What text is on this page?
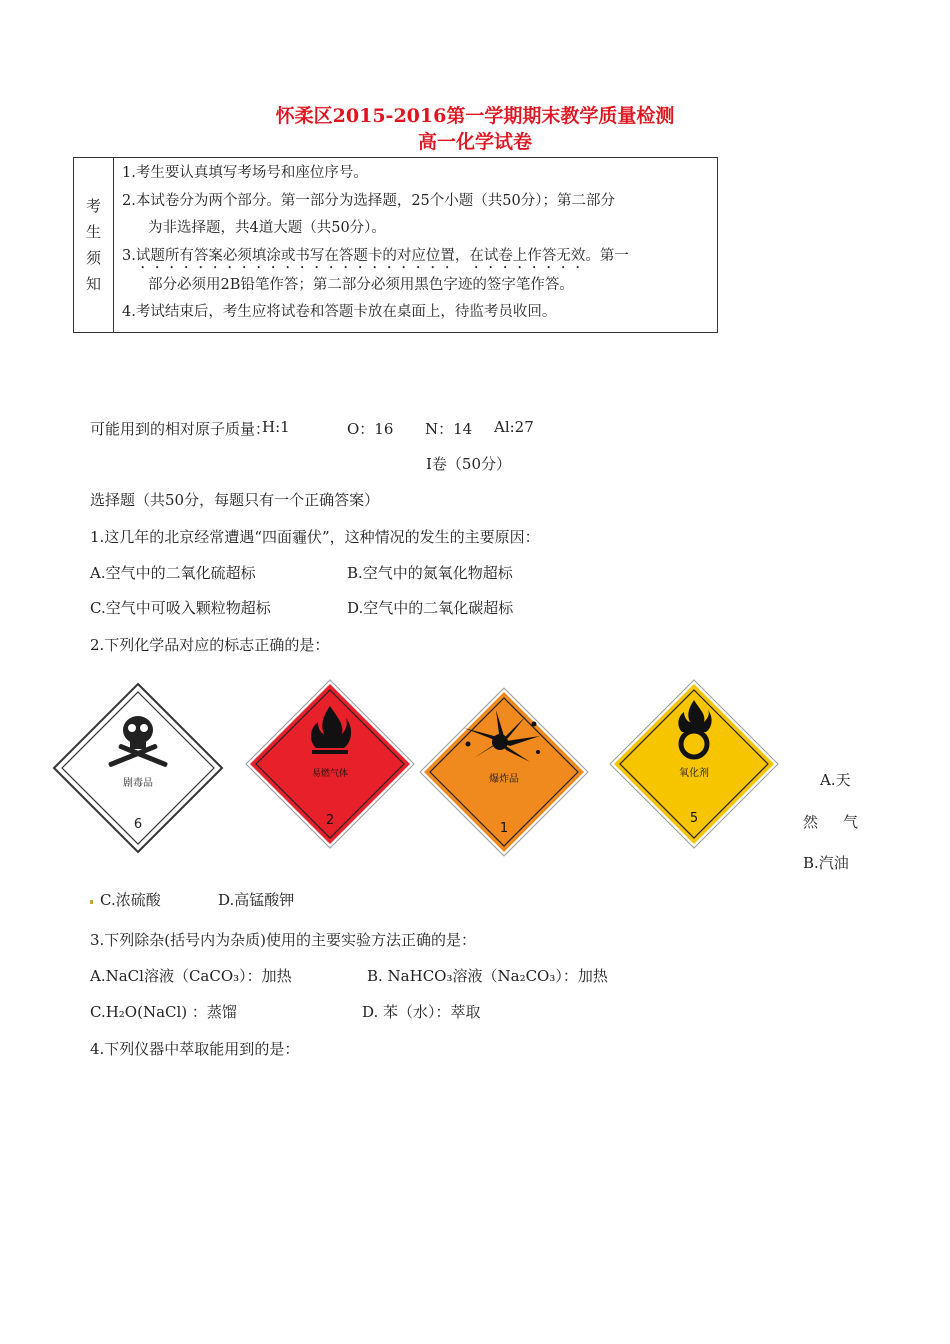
怀柔区2015-2016第一学期期末教学质量检测
高一化学试卷
考
生
须
知
1.考生要认真填写考场号和座位序号。
2.本试卷分为两个部分。第一部分为选择题，25个小题（共50分）；第二部分
为非选择题，共4道大题（共50分）。
3.试题所有答案必须填涂或书写在答题卡的对应位置，在试卷上作答无效。第一
部分必须用2B铅笔作答；第二部分必须用黑色字迹的签字笔作答。
4.考试结束后，考生应将试卷和答题卡放在桌面上，待监考员收回。
可能用到的相对原子质量：
H:1	O：16 N：14 Al:27
Ⅰ卷（50分）
选择题（共50分，每题只有一个正确答案）
1.这几年的北京经常遭遇“四面霾伏”，这种情况的发生的主要原因：
A.空气中的二氧化硫超标	B.空气中的氮氧化物超标
C.空气中可吸入颗粒物超标	D.空气中的二氧化碳超标
2.下列化学品对应的标志正确的是：
剧毒品
6
易燃气体
2
爆炸品
1
氧化剂
5
A.天
然 气
B.汽油
C.浓硫酸	D.高锰酸钾
3.下列除杂(括号内为杂质)使用的主要实验方法正确的是：
A.NaCl溶液（CaCO₃）：加热	B. NaHCO₃溶液（Na₂CO₃）：加热
C.H₂O(NaCl) ：蒸馏	D. 苯（水）：萃取
4.下列仪器中萃取能用到的是：
